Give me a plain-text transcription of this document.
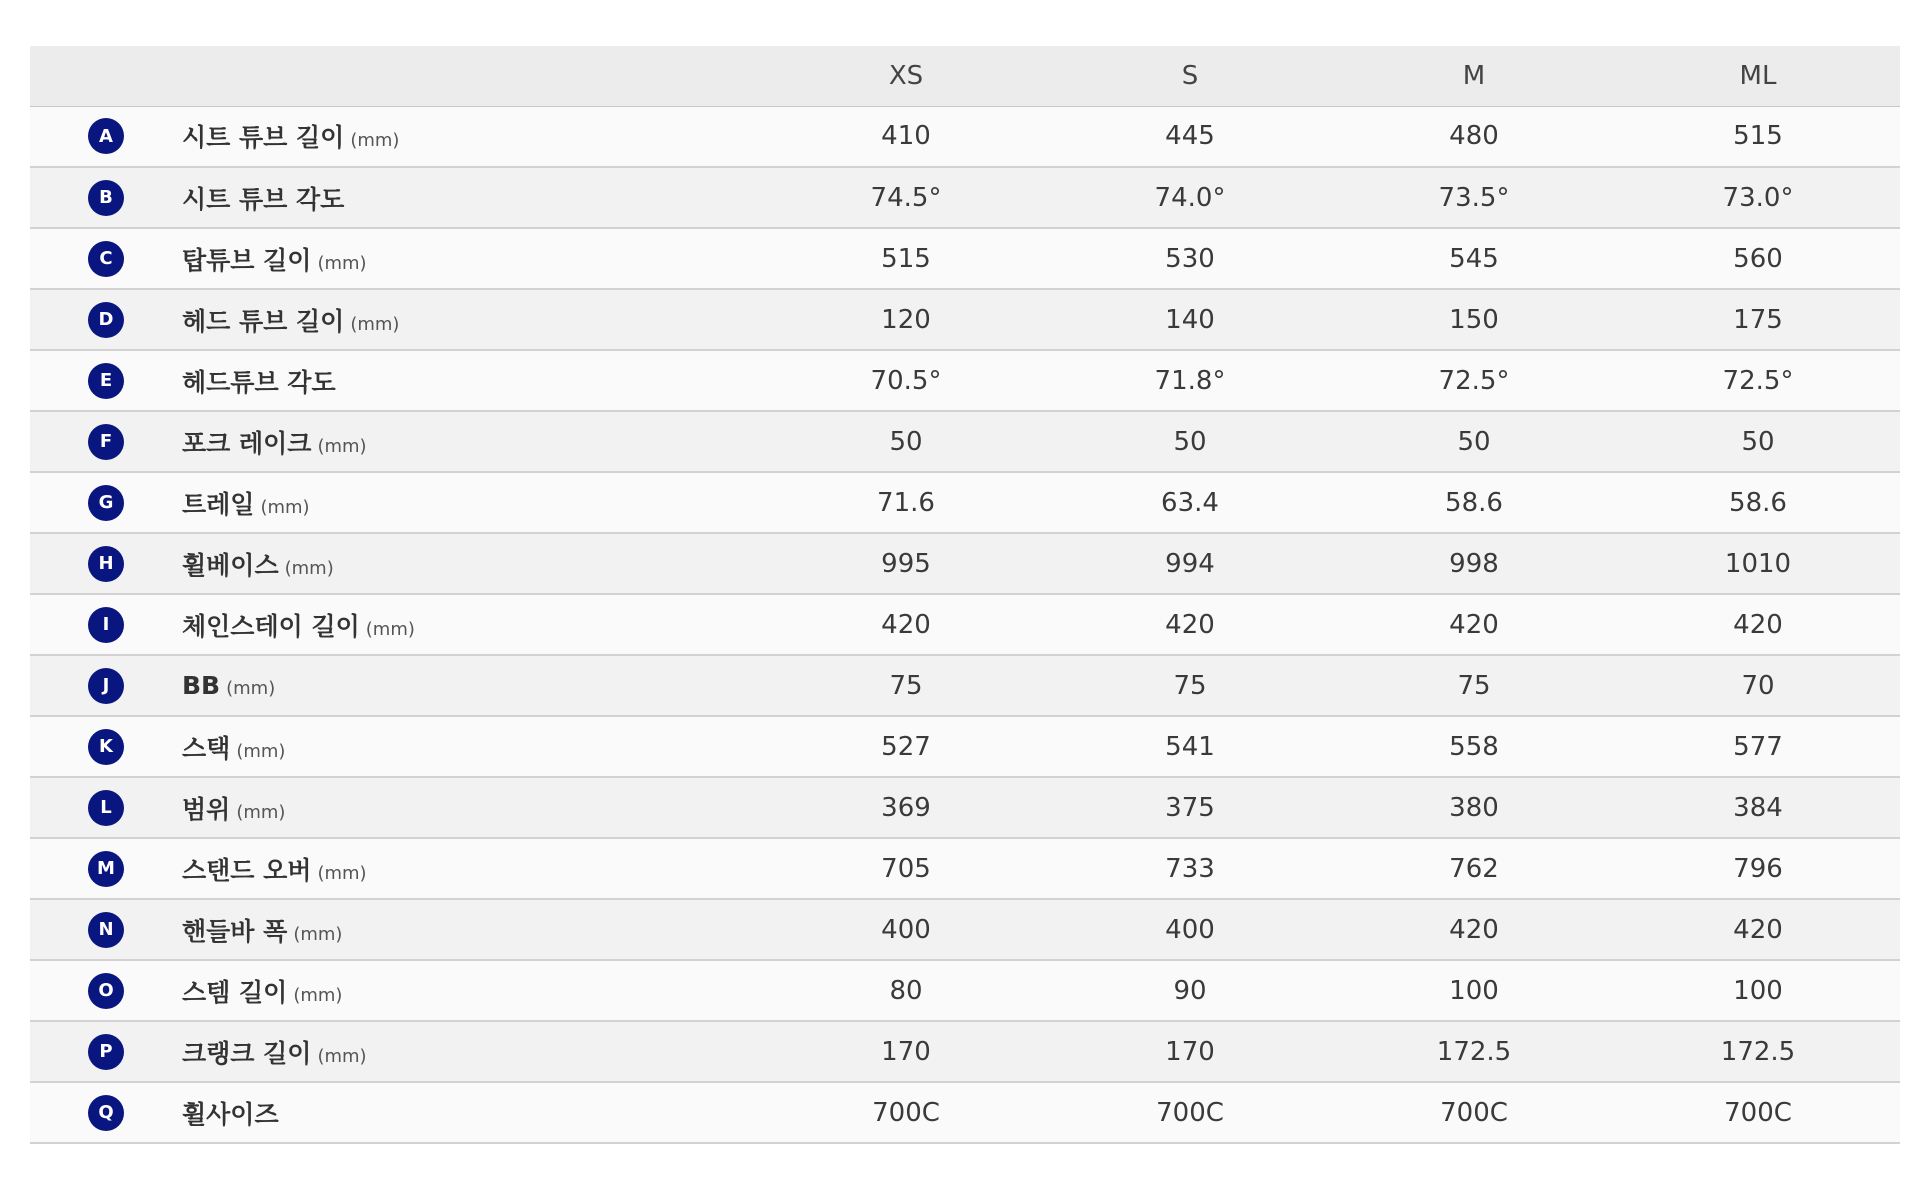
		XS	S	M	ML
A	시트 튜브 길이 (mm)	410	445	480	515
B	시트 튜브 각도	74.5°	74.0°	73.5°	73.0°
C	탑튜브 길이 (mm)	515	530	545	560
D	헤드 튜브 길이 (mm)	120	140	150	175
E	헤드튜브 각도	70.5°	71.8°	72.5°	72.5°
F	포크 레이크 (mm)	50	50	50	50
G	트레일 (mm)	71.6	63.4	58.6	58.6
H	휠베이스 (mm)	995	994	998	1010
I	체인스테이 길이 (mm)	420	420	420	420
J	BB (mm)	75	75	75	70
K	스택 (mm)	527	541	558	577
L	범위 (mm)	369	375	380	384
M	스탠드 오버 (mm)	705	733	762	796
N	핸들바 폭 (mm)	400	400	420	420
O	스템 길이 (mm)	80	90	100	100
P	크랭크 길이 (mm)	170	170	172.5	172.5
Q	휠사이즈	700C	700C	700C	700C
